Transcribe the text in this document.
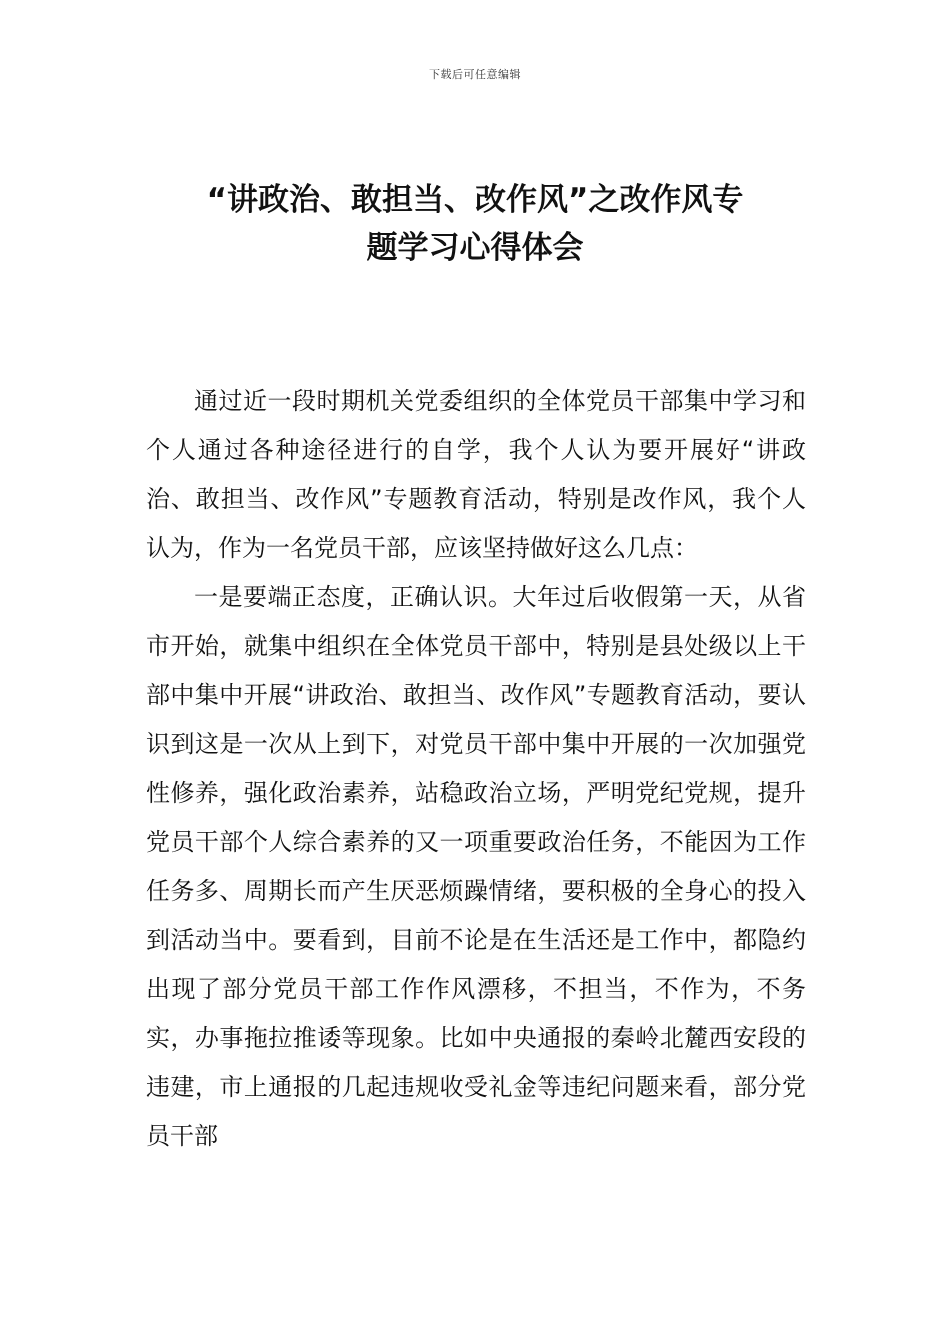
下载后可任意编辑
“讲政治、敢担当、改作风”之改作风专
题学习心得体会

通过近一段时期机关党委组织的全体党员干部集中学习和个人通过各种途径进行的自学，我个人认为要开展好“讲政治、敢担当、改作风”专题教育活动，特别是改作风，我个人认为，作为一名党员干部，应该坚持做好这么几点：

一是要端正态度，正确认识。大年过后收假第一天，从省市开始，就集中组织在全体党员干部中，特别是县处级以上干部中集中开展“讲政治、敢担当、改作风”专题教育活动，要认识到这是一次从上到下，对党员干部中集中开展的一次加强党性修养，强化政治素养，站稳政治立场，严明党纪党规，提升党员干部个人综合素养的又一项重要政治任务，不能因为工作任务多、周期长而产生厌恶烦躁情绪，要积极的全身心的投入到活动当中。要看到，目前不论是在生活还是工作中，都隐约出现了部分党员干部工作作风漂移，不担当，不作为，不务实，办事拖拉推诿等现象。比如中央通报的秦岭北麓西安段的违建，市上通报的几起违规收受礼金等违纪问题来看，部分党员干部
